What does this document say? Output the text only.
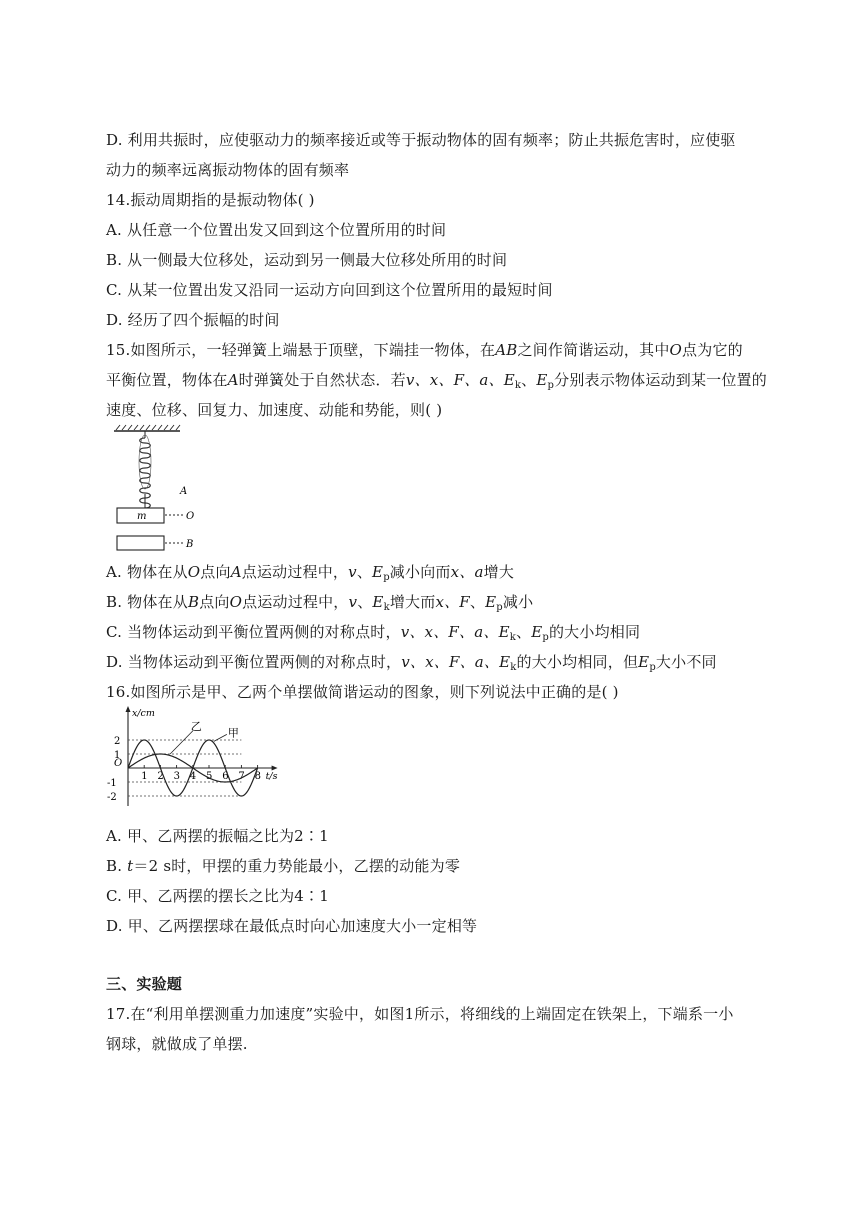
D. 利用共振时，应使驱动力的频率接近或等于振动物体的固有频率；防止共振危害时，应使驱
动力的频率远离振动物体的固有频率
14.振动周期指的是振动物体( )
A. 从任意一个位置出发又回到这个位置所用的时间
B. 从一侧最大位移处，运动到另一侧最大位移处所用的时间
C. 从某一位置出发又沿同一运动方向回到这个位置所用的最短时间
D. 经历了四个振幅的时间
15.如图所示，一轻弹簧上端悬于顶壁，下端挂一物体，在AB之间作简谐运动，其中O点为它的
平衡位置，物体在A时弹簧处于自然状态．若v、x、F、a、$E_k$、$E_p$分别表示物体运动到某一位置的
速度、位移、回复力、加速度、动能和势能，则( )
A
m	O
B
A. 物体在从O点向A点运动过程中，v、$E_p$减小向而x、a增大
B. 物体在从B点向O点运动过程中，v、$E_k$增大而x、F、$E_p$减小
C. 当物体运动到平衡位置两侧的对称点时，v、x、F、a、$E_k$、$E_p$的大小均相同
D. 当物体运动到平衡位置两侧的对称点时，v、x、F、a、$E_k$的大小均相同，但$E_p$大小不同
16.如图所示是甲、乙两个单摆做简谐运动的图象，则下列说法中正确的是( )
1 2 3 4 5 6 7 8
2
1
O
-1
-2
x/cm
t/s
甲
乙
A. 甲、乙两摆的振幅之比为2∶1
B. t＝2 s时，甲摆的重力势能最小，乙摆的动能为零
C. 甲、乙两摆的摆长之比为4∶1
D. 甲、乙两摆摆球在最低点时向心加速度大小一定相等
三、实验题
17.在“利用单摆测重力加速度”实验中，如图1所示，将细线的上端固定在铁架上，下端系一小
钢球，就做成了单摆.
